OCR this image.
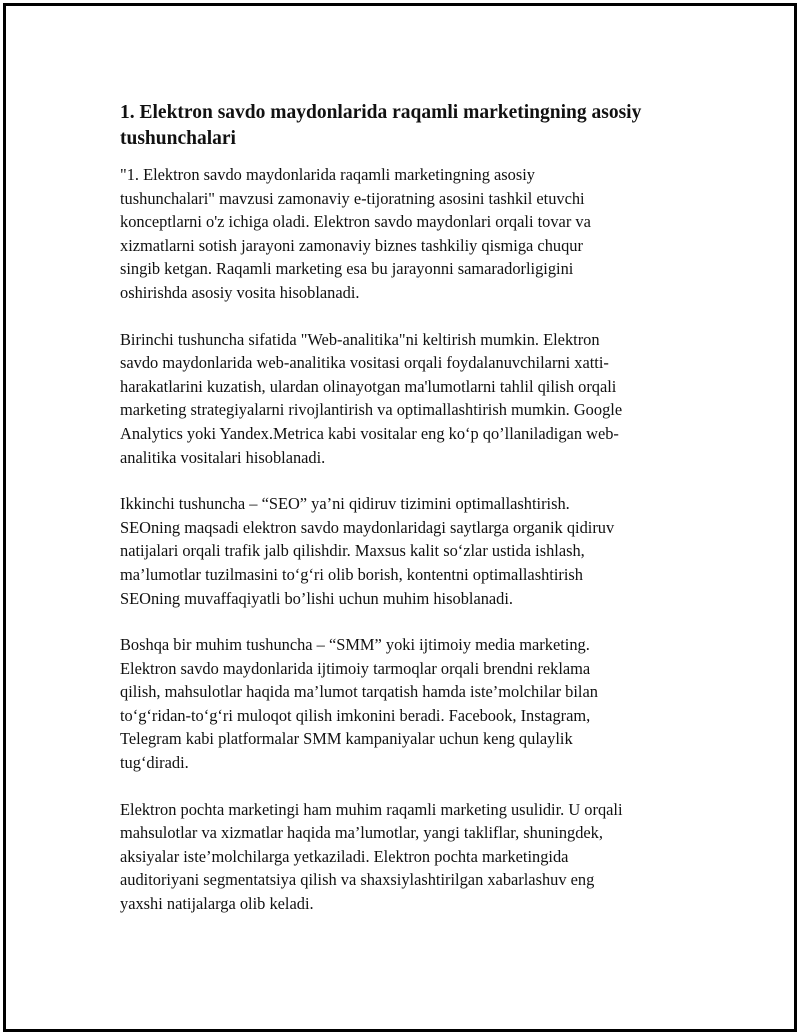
1. Elektron savdo maydonlarida raqamli marketingning asosiy
tushunchalari

"1. Elektron savdo maydonlarida raqamli marketingning asosiy
tushunchalari" mavzusi zamonaviy e-tijoratning asosini tashkil etuvchi
konceptlarni o'z ichiga oladi. Elektron savdo maydonlari orqali tovar va
xizmatlarni sotish jarayoni zamonaviy biznes tashkiliy qismiga chuqur
singib ketgan. Raqamli marketing esa bu jarayonni samaradorligigini
oshirishda asosiy vosita hisoblanadi.

Birinchi tushuncha sifatida "Web-analitika"ni keltirish mumkin. Elektron
savdo maydonlarida web-analitika vositasi orqali foydalanuvchilarni xatti-
harakatlarini kuzatish, ulardan olinayotgan ma'lumotlarni tahlil qilish orqali
marketing strategiyalarni rivojlantirish va optimallashtirish mumkin. Google
Analytics yoki Yandex.Metrica kabi vositalar eng ko‘p qo’llaniladigan web-
analitika vositalari hisoblanadi.

Ikkinchi tushuncha – “SEO” ya’ni qidiruv tizimini optimallashtirish.
SEOning maqsadi elektron savdo maydonlaridagi saytlarga organik qidiruv
natijalari orqali trafik jalb qilishdir. Maxsus kalit so‘zlar ustida ishlash,
ma’lumotlar tuzilmasini to‘g‘ri olib borish, kontentni optimallashtirish
SEOning muvaffaqiyatli bo’lishi uchun muhim hisoblanadi.

Boshqa bir muhim tushuncha – “SMM” yoki ijtimoiy media marketing.
Elektron savdo maydonlarida ijtimoiy tarmoqlar orqali brendni reklama
qilish, mahsulotlar haqida ma’lumot tarqatish hamda iste’molchilar bilan
to‘g‘ridan-to‘g‘ri muloqot qilish imkonini beradi. Facebook, Instagram,
Telegram kabi platformalar SMM kampaniyalar uchun keng qulaylik
tug‘diradi.

Elektron pochta marketingi ham muhim raqamli marketing usulidir. U orqali
mahsulotlar va xizmatlar haqida ma’lumotlar, yangi takliflar, shuningdek,
aksiyalar iste’molchilarga yetkaziladi. Elektron pochta marketingida
auditoriyani segmentatsiya qilish va shaxsiylashtirilgan xabarlashuv eng
yaxshi natijalarga olib keladi.
